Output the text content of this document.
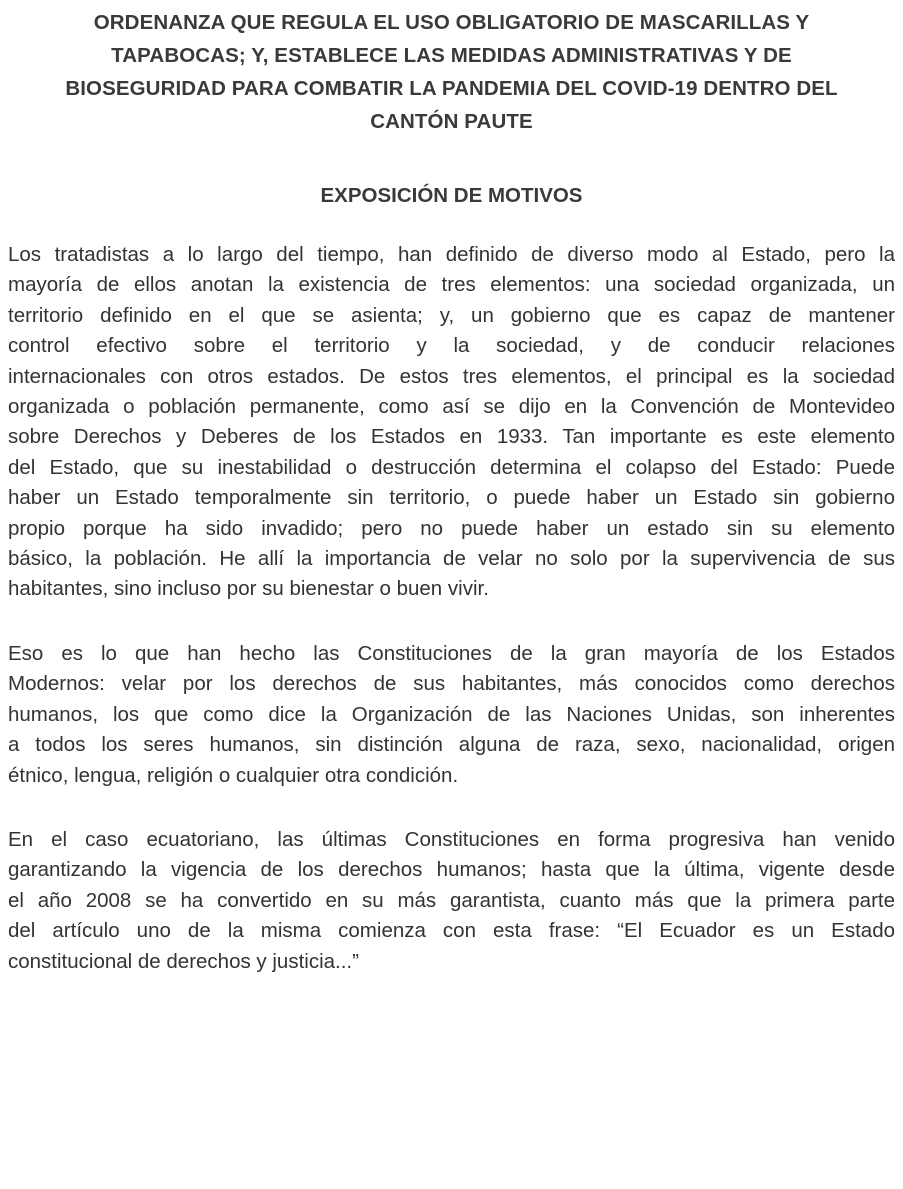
ORDENANZA QUE REGULA EL USO OBLIGATORIO DE MASCARILLAS Y
TAPABOCAS; Y, ESTABLECE LAS MEDIDAS ADMINISTRATIVAS Y DE
BIOSEGURIDAD PARA COMBATIR LA PANDEMIA DEL COVID-19 DENTRO DEL
CANTÓN PAUTE
EXPOSICIÓN DE MOTIVOS

Los tratadistas a lo largo del tiempo, han definido de diverso modo al Estado, pero la
mayoría de ellos anotan la existencia de tres elementos: una sociedad organizada, un
territorio definido en el que se asienta; y, un gobierno que es capaz de mantener
control efectivo sobre el territorio y la sociedad, y de conducir relaciones
internacionales con otros estados. De estos tres elementos, el principal es la sociedad
organizada o población permanente, como así se dijo en la Convención de Montevideo
sobre Derechos y Deberes de los Estados en 1933. Tan importante es este elemento
del Estado, que su inestabilidad o destrucción determina el colapso del Estado: Puede
haber un Estado temporalmente sin territorio, o puede haber un Estado sin gobierno
propio porque ha sido invadido; pero no puede haber un estado sin su elemento
básico, la población. He allí la importancia de velar no solo por la supervivencia de sus
habitantes, sino incluso por su bienestar o buen vivir.

Eso es lo que han hecho las Constituciones de la gran mayoría de los Estados
Modernos: velar por los derechos de sus habitantes, más conocidos como derechos
humanos, los que como dice la Organización de las Naciones Unidas, son inherentes
a todos los seres humanos, sin distinción alguna de raza, sexo, nacionalidad, origen
étnico, lengua, religión o cualquier otra condición.

En el caso ecuatoriano, las últimas Constituciones en forma progresiva han venido
garantizando la vigencia de los derechos humanos; hasta que la última, vigente desde
el año 2008 se ha convertido en su más garantista, cuanto más que la primera parte
del artículo uno de la misma comienza con esta frase: “El Ecuador es un Estado
constitucional de derechos y justicia...”
